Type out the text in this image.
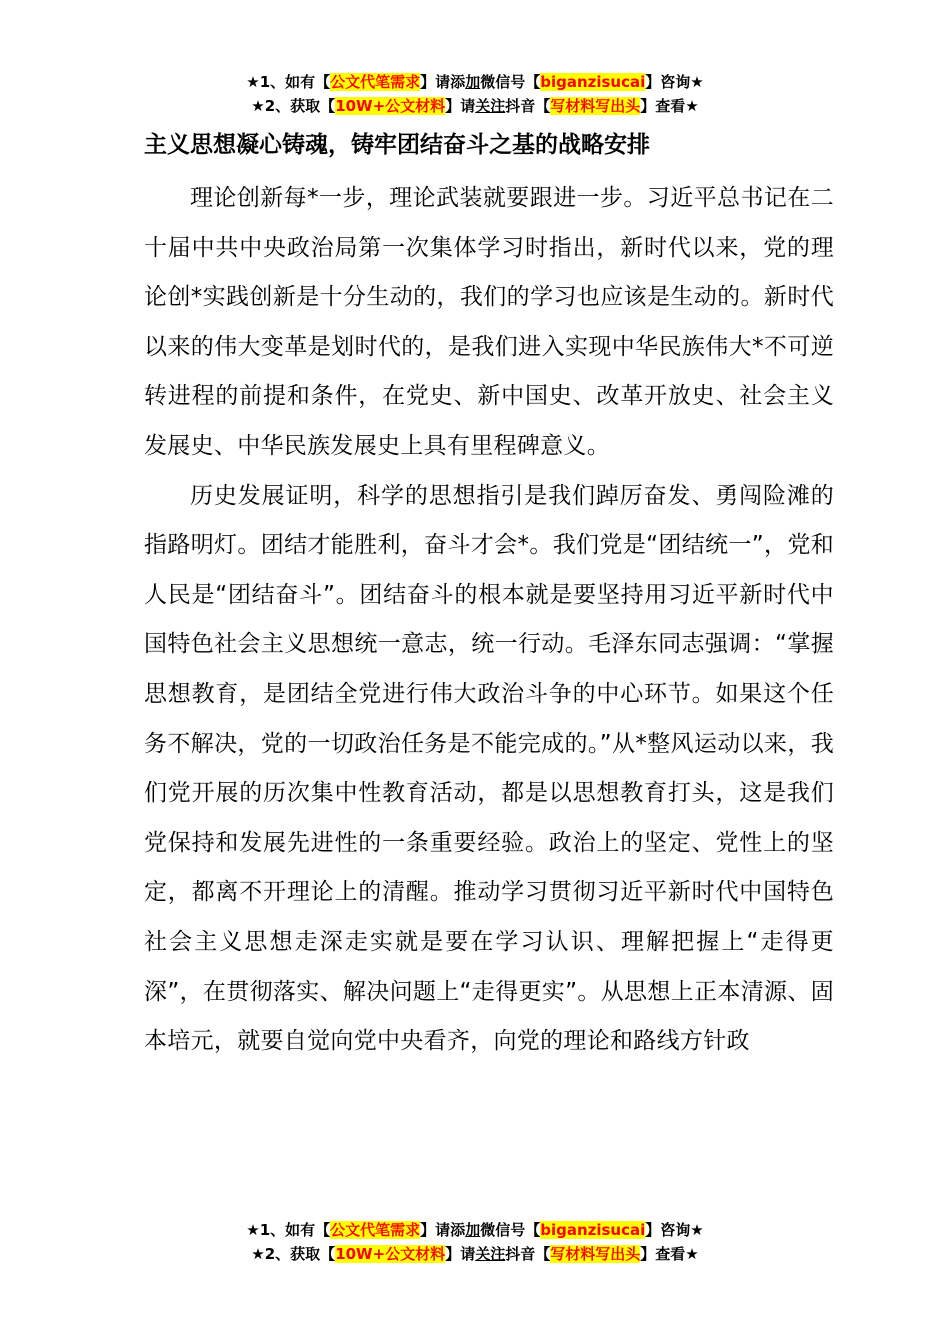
★1、如有【公文代笔需求】请添加微信号【biganzisucai】咨询★
★2、获取【10W+公文材料】请关注抖音【写材料写出头】查看★
主义思想凝心铸魂，铸牢团结奋斗之基的战略安排

理论创新每*一步，理论武装就要跟进一步。习近平总书记在二十届中共中央政治局第一次集体学习时指出，新时代以来，党的理论创*实践创新是十分生动的，我们的学习也应该是生动的。新时代以来的伟大变革是划时代的，是我们进入实现中华民族伟大*不可逆转进程的前提和条件，在党史、新中国史、改革开放史、社会主义发展史、中华民族发展史上具有里程碑意义。

历史发展证明，科学的思想指引是我们踔厉奋发、勇闯险滩的指路明灯。团结才能胜利，奋斗才会*。我们党是“团结统一”，党和人民是“团结奋斗”。团结奋斗的根本就是要坚持用习近平新时代中国特色社会主义思想统一意志，统一行动。毛泽东同志强调：“掌握思想教育，是团结全党进行伟大政治斗争的中心环节。如果这个任务不解决，党的一切政治任务是不能完成的。”从*整风运动以来，我们党开展的历次集中性教育活动，都是以思想教育打头，这是我们党保持和发展先进性的一条重要经验。政治上的坚定、党性上的坚定，都离不开理论上的清醒。推动学习贯彻习近平新时代中国特色社会主义思想走深走实就是要在学习认识、理解把握上“走得更深”，在贯彻落实、解决问题上“走得更实”。从思想上正本清源、固本培元，就要自觉向党中央看齐，向党的理论和路线方针政

★1、如有【公文代笔需求】请添加微信号【biganzisucai】咨询★
★2、获取【10W+公文材料】请关注抖音【写材料写出头】查看★
